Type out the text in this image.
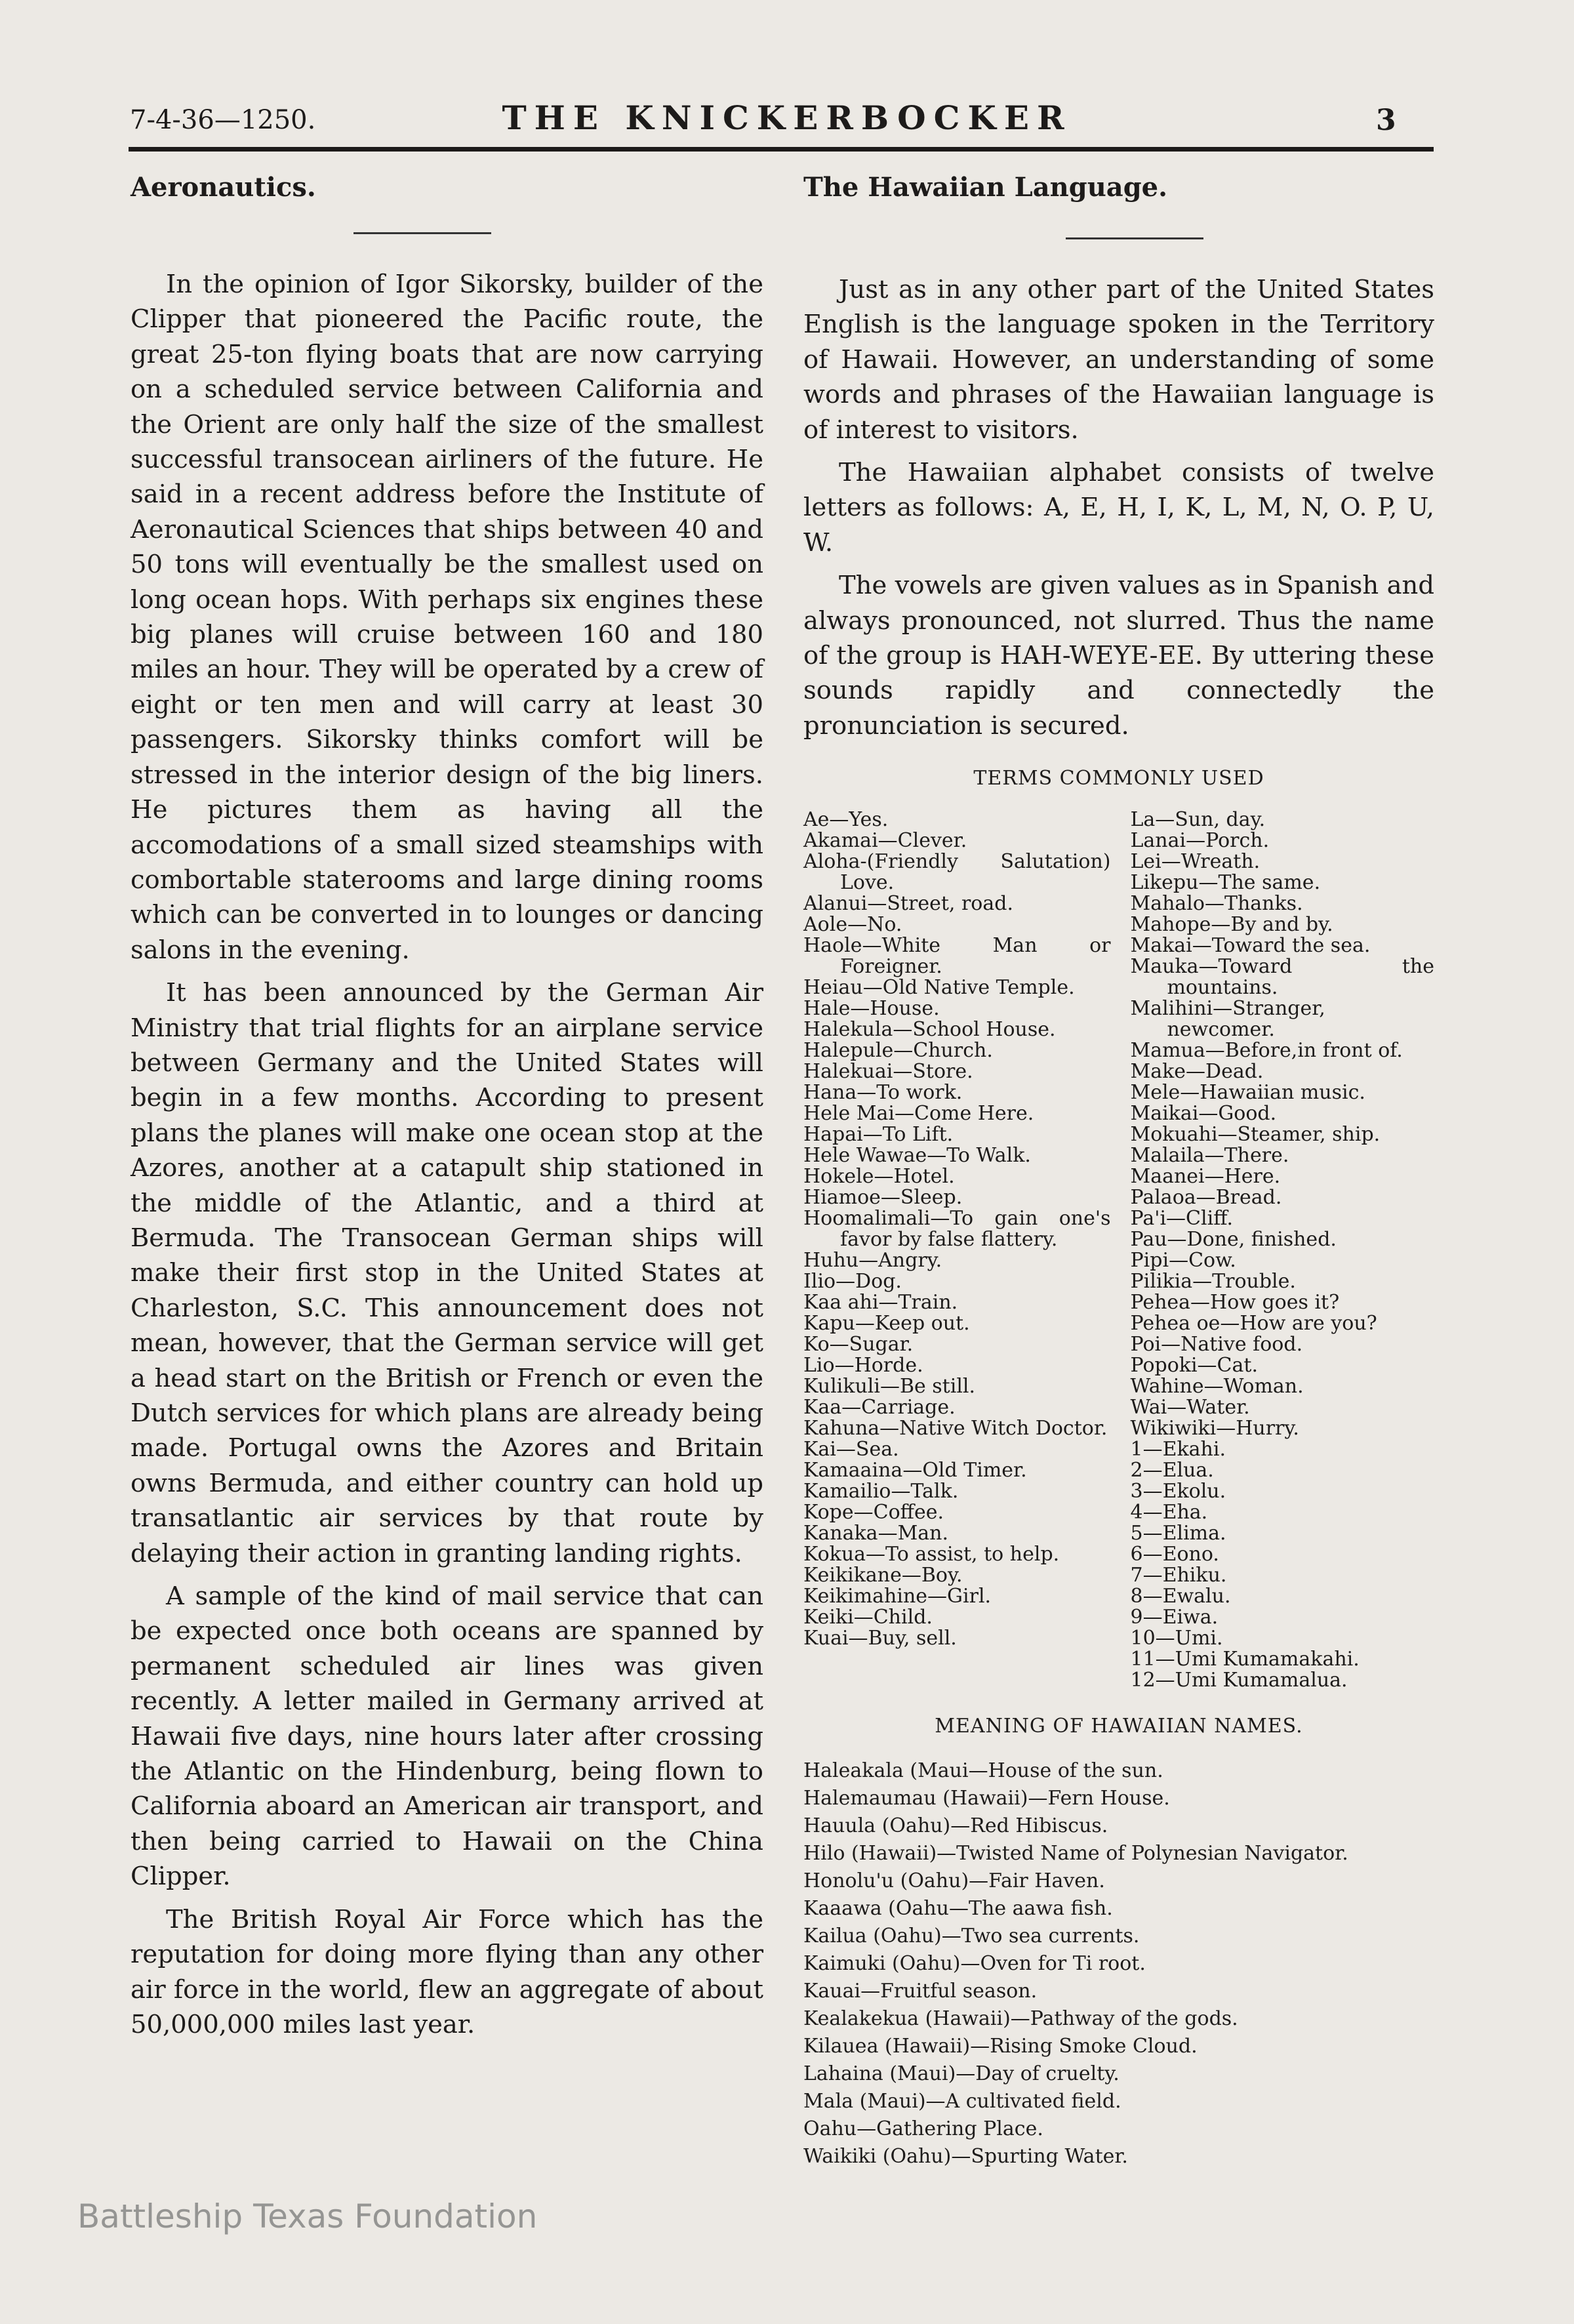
7-4-36—1250.	THE KNICKERBOCKER	3
Aeronautics.

In the opinion of Igor Sikorsky, builder of the Clipper that pioneered the Pacific route, the great 25-ton flying boats that are now carrying on a scheduled service between California and the Orient are only half the size of the smallest successful transocean airliners of the future. He said in a recent address before the Institute of Aeronautical Sciences that ships between 40 and 50 tons will eventually be the smallest used on long ocean hops. With perhaps six engines these big planes will cruise between 160 and 180 miles an hour. They will be operated by a crew of eight or ten men and will carry at least 30 passengers. Sikorsky thinks comfort will be stressed in the interior design of the big liners. He pictures them as having all the accomodations of a small sized steamships with combortable staterooms and large dining rooms which can be converted in to lounges or dancing salons in the evening.

It has been announced by the German Air Ministry that trial flights for an airplane service between Germany and the United States will begin in a few months. According to present plans the planes will make one ocean stop at the Azores, another at a catapult ship stationed in the middle of the Atlantic, and a third at Bermuda. The Transocean German ships will make their first stop in the United States at Charleston, S.C. This announcement does not mean, however, that the German service will get a head start on the British or French or even the Dutch services for which plans are already being made. Portugal owns the Azores and Britain owns Bermuda, and either country can hold up transatlantic air services by that route by delaying their action in granting landing rights.

A sample of the kind of mail service that can be expected once both oceans are spanned by permanent scheduled air lines was given recently. A letter mailed in Germany arrived at Hawaii five days, nine hours later after crossing the Atlantic on the Hindenburg, being flown to California aboard an American air transport, and then being carried to Hawaii on the China Clipper.

The British Royal Air Force which has the reputation for doing more flying than any other air force in the world, flew an aggregate of about 50,000,000 miles last year.

The Hawaiian Language.

Just as in any other part of the United States English is the language spoken in the Territory of Hawaii. However, an understanding of some words and phrases of the Hawaiian language is of interest to visitors.

The Hawaiian alphabet consists of twelve letters as follows: A, E, H, I, K, L, M, N, O. P, U, W.

The vowels are given values as in Spanish and always pronounced, not slurred. Thus the name of the group is HAH-WEYE-EE. By uttering these sounds rapidly and connectedly the pronunciation is secured.

TERMS COMMONLY USED
Ae—Yes.
Akamai—Clever.
Aloha-(Friendly Salutation) Love.
Alanui—Street, road.
Aole—No.
Haole—White Man or Foreigner.
Heiau—Old Native Temple.
Hale—House.
Halekula—School House.
Halepule—Church.
Halekuai—Store.
Hana—To work.
Hele Mai—Come Here.
Hapai—To Lift.
Hele Wawae—To Walk.
Hokele—Hotel.
Hiamoe—Sleep.
Hoomalimali—To gain one's favor by false flattery.
Huhu—Angry.
Ilio—Dog.
Kaa ahi—Train.
Kapu—Keep out.
Ko—Sugar.
Lio—Horde.
Kulikuli—Be still.
Kaa—Carriage.
Kahuna—Native Witch Doctor.
Kai—Sea.
Kamaaina—Old Timer.
Kamailio—Talk.
Kope—Coffee.
Kanaka—Man.
Kokua—To assist, to help.
Keikikane—Boy.
Keikimahine—Girl.
Keiki—Child.
Kuai—Buy, sell.
La—Sun, day.
Lanai—Porch.
Lei—Wreath.
Likepu—The same.
Mahalo—Thanks.
Mahope—By and by.
Makai—Toward the sea.
Mauka—Toward the mountains.
Malihini—Stranger, newcomer.
Mamua—Before,in front of.
Make—Dead.
Mele—Hawaiian music.
Maikai—Good.
Mokuahi—Steamer, ship.
Malaila—There.
Maanei—Here.
Palaoa—Bread.
Pa'i—Cliff.
Pau—Done, finished.
Pipi—Cow.
Pilikia—Trouble.
Pehea—How goes it?
Pehea oe—How are you?
Poi—Native food.
Popoki—Cat.
Wahine—Woman.
Wai—Water.
Wikiwiki—Hurry.
1—Ekahi.
2—Elua.
3—Ekolu.
4—Eha.
5—Elima.
6—Eono.
7—Ehiku.
8—Ewalu.
9—Eiwa.
10—Umi.
11—Umi Kumamakahi.
12—Umi Kumamalua.
MEANING OF HAWAIIAN NAMES.
Haleakala (Maui—House of the sun.
Halemaumau (Hawaii)—Fern House.
Hauula (Oahu)—Red Hibiscus.
Hilo (Hawaii)—Twisted Name of Polynesian Navigator.
Honolu'u (Oahu)—Fair Haven.
Kaaawa (Oahu—The aawa fish.
Kailua (Oahu)—Two sea currents.
Kaimuki (Oahu)—Oven for Ti root.
Kauai—Fruitful season.
Kealakekua (Hawaii)—Pathway of the gods.
Kilauea (Hawaii)—Rising Smoke Cloud.
Lahaina (Maui)—Day of cruelty.
Mala (Maui)—A cultivated field.
Oahu—Gathering Place.
Waikiki (Oahu)—Spurting Water.
Battleship Texas Foundation
